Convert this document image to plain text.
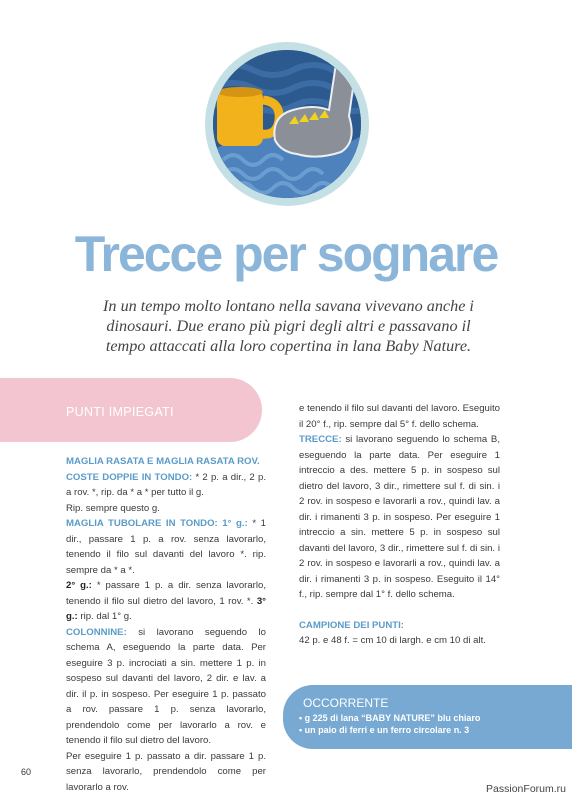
Trecce per sognare
In un tempo molto lontano nella savana vivevano anche i dinosauri. Due erano più pigri degli altri e passavano il tempo attaccati alla loro copertina in lana Baby Nature.
PUNTI IMPIEGATI

MAGLIA RASATA E MAGLIA RASATA ROV.

COSTE DOPPIE IN TONDO: * 2 p. a dir., 2 p. a rov. *, rip. da * a * per tutto il g.

Rip. sempre questo g.

MAGLIA TUBOLARE IN TONDO: 1° g.: * 1 dir., passare 1 p. a rov. senza lavorarlo, tenendo il filo sul davanti del lavoro *. rip. sempre da * a *.

2° g.: * passare 1 p. a dir. senza lavorarlo, tenendo il filo sul dietro del lavoro, 1 rov. *. 3° g.: rip. dal 1° g.

COLONNINE: si lavorano seguendo lo schema A, eseguendo la parte data. Per eseguire 3 p. incrociati a sin. mettere 1 p. in sospeso sul davanti del lavoro, 2 dir. e lav. a dir. il p. in sospeso. Per eseguire 1 p. passato a rov. passare 1 p. senza lavorarlo, prendendolo come per lavorarlo a rov. e tenendo il filo sul dietro del lavoro.

Per eseguire 1 p. passato a dir. passare 1 p. senza lavorarlo, prendendolo come per lavorarlo a rov.

e tenendo il filo sul davanti del lavoro. Eseguito il 20° f., rip. sempre dal 5° f. dello schema.

TRECCE: si lavorano seguendo lo schema B, eseguendo la parte data. Per eseguire 1 intreccio a des. mettere 5 p. in sospeso sul dietro del lavoro, 3 dir., rimettere sul f. di sin. i 2 rov. in sospeso e lavorarli a rov., quindi lav. a dir. i rimanenti 3 p. in sospeso. Per eseguire 1 intreccio a sin. mettere 5 p. in sospeso sul davanti del lavoro, 3 dir., rimettere sul f. di sin. i 2 rov. in sospeso e lavorarli a rov., quindi lav. a dir. i rimanenti 3 p. in sospeso. Eseguito il 14° f., rip. sempre dal 1° f. dello schema.

CAMPIONE DEI PUNTI:

42 p. e 48 f. = cm 10 di largh. e cm 10 di alt.

OCCORRENTE
• g 225 di lana “BABY NATURE” blu chiaro
• un paio di ferri e un ferro circolare n. 3
60
PassionForum.ru
